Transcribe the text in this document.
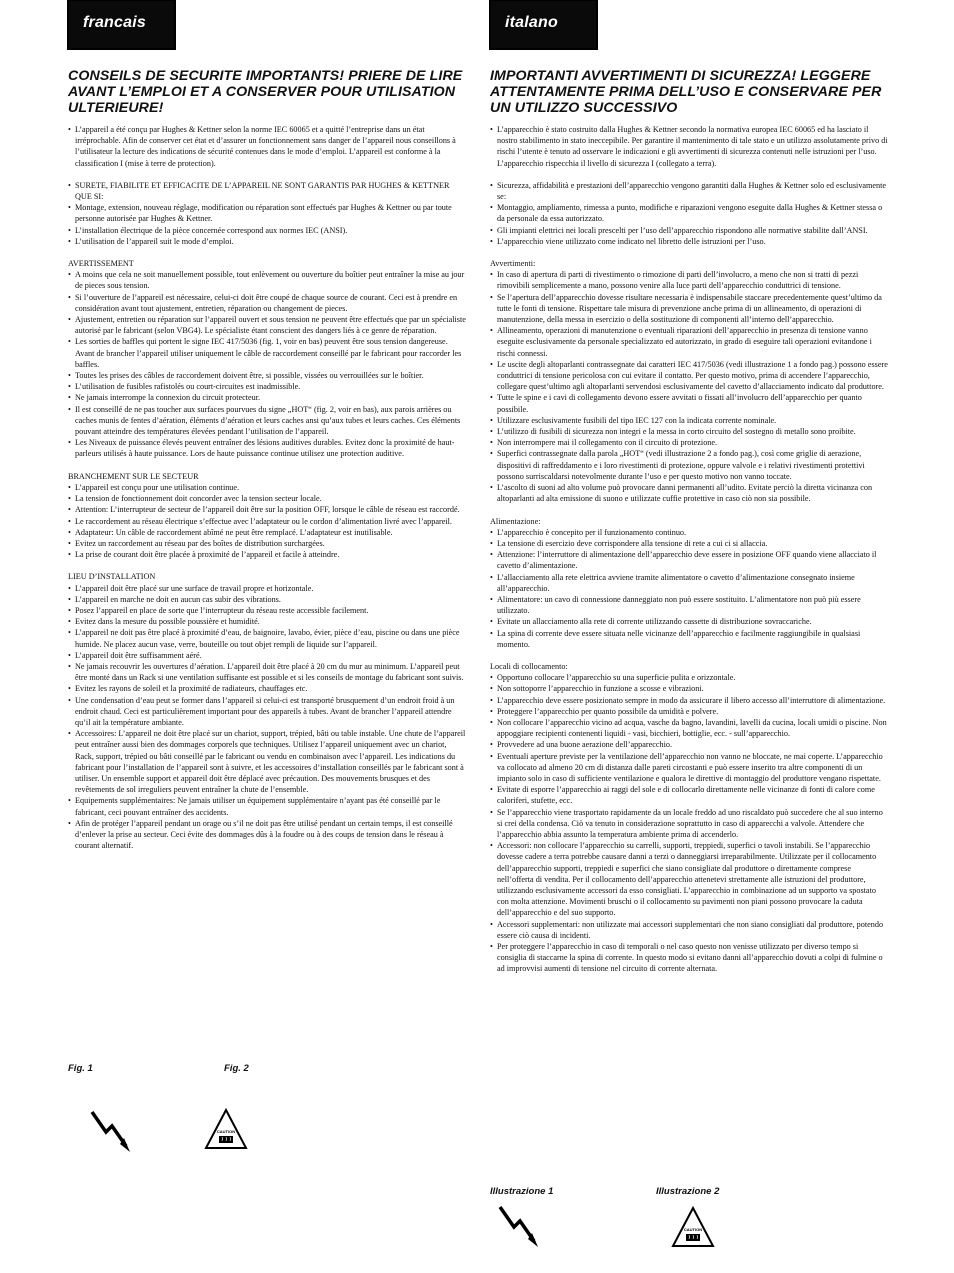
francais	italano
CONSEILS DE SECURITE IMPORTANTS! PRIERE DE LIRE AVANT L’EMPLOI ET A CONSERVER POUR UTILISATION ULTERIEURE!
IMPORTANTI AVVERTIMENTI DI SICUREZZA! LEGGERE ATTENTAMENTE PRIMA DELL’USO E CONSERVARE PER UN UTILIZZO SUCCESSIVO
• L’appareil a été conçu par Hughes & Kettner selon la norme IEC 60065 et a quitté l’entreprise dans un état irréprochable. Afin de conserver cet état et d’assurer un fonctionnement sans danger de l’appareil nous conseillons à l’utilisateur la lecture des indications de sécurité contenues dans le mode d’emploi. L’appareil est conforme à la classification I (mise à terre de protection).
• SURETE, FIABILITE ET EFFICACITE DE L’APPAREIL NE SONT GARANTIS PAR HUGHES & KETTNER QUE SI:
• Montage, extension, nouveau réglage, modification ou réparation sont effectués par Hughes & Kettner ou par toute personne autorisée par Hughes & Kettner.
• L’installation électrique de la pièce concernée correspond aux normes IEC (ANSI).
• L’utilisation de l’appareil suit le mode d’emploi.
AVERTISSEMENT
• A moins que cela ne soit manuellement possible, tout enlèvement ou ouverture du boîtier peut entraîner la mise au jour de pieces sous tension.
• Si l’ouverture de l’appareil est nécessaire, celui-ci doit être coupé de chaque source de courant. Ceci est à prendre en considération avant tout ajustement, entretien, réparation ou changement de pieces.
• Ajustement, entretien ou réparation sur l’appareil ouvert et sous tension ne peuvent être effectués que par un spécialiste autorisé par le fabricant (selon VBG4). Le spécialiste étant conscient des dangers liés à ce genre de réparation.
• Les sorties de baffles qui portent le signe IEC 417/5036 (fig. 1, voir en bas) peuvent être sous tension dangereuse. Avant de brancher l’appareil utiliser uniquement le câble de raccordement conseillé par le fabricant pour raccorder les baffles.
• Toutes les prises des câbles de raccordement doivent être, si possible, vissées ou verrouillées sur le boîtier.
• L’utilisation de fusibles rafistolés ou court-circuites est inadmissible.
• Ne jamais interrompe la connexion du circuit protecteur.
• Il est conseillé de ne pas toucher aux surfaces pourvues du signe „HOT“ (fig. 2, voir en bas), aux parois arrières ou caches munis de fentes d’aération, éléments d’aération et leurs caches ansi qu’aux tubes et leurs caches. Ces éléments pouvant atteindre des températures élevées pendant l’utilisation de l’appareil.
• Les Niveaux de puissance élevés peuvent entraîner des lésions auditives durables. Evitez donc la proximité de haut-parleurs utilisés à haute puissance. Lors de haute puissance continue utilisez une protection auditive.
BRANCHEMENT SUR LE SECTEUR
• L’appareil est conçu pour une utilisation continue.
• La tension de fonctionnement doit concorder avec la tension secteur locale.
• Attention: L’interrupteur de secteur de l’appareil doit être sur la position OFF, lorsque le câble de réseau est raccordé.
• Le raccordement au réseau électrique s’effectue avec l’adaptateur ou le cordon d’alimentation livré avec l’appareil.
• Adaptateur: Un câble de raccordement abîmé ne peut être remplacé. L’adaptateur est inutilisable.
• Evitez un raccordement au réseau par des boîtes de distribution surchargées.
• La prise de courant doit être placée à proximité de l’appareil et facile à atteindre.
LIEU D’INSTALLATION
• L’appareil doit être placé sur une surface de travail propre et horizontale.
• L’appareil en marche ne doit en aucun cas subir des vibrations.
• Posez l’appareil en place de sorte que l’interrupteur du réseau reste accessible facilement.
• Evitez dans la mesure du possible poussière et humidité.
• L’appareil ne doit pas être placé à proximité d’eau, de baignoire, lavabo, évier, pièce d’eau, piscine ou dans une pièce humide. Ne placez aucun vase, verre, bouteille ou tout objet rempli de liquide sur l’appareil.
• L’appareil doit être suffisamment aéré.
• Ne jamais recouvrir les ouvertures d’aération. L’appareil doit être placé à 20 cm du mur au minimum. L’appareil peut être monté dans un Rack si une ventilation suffisante est possible et si les conseils de montage du fabricant sont suivis.
• Evitez les rayons de soleil et la proximité de radiateurs, chauffages etc.
• Une condensation d’eau peut se former dans l’appareil si celui-ci est transporté brusquement d’un endroit froid à un endroit chaud. Ceci est particulièrement important pour des appareils à tubes. Avant de brancher l’appareil attendre qu’il ait la température ambiante.
• Accessoires: L’appareil ne doit être placé sur un chariot, support, trépied, bâti ou table instable. Une chute de l’appareil peut entraîner aussi bien des dommages corporels que techniques. Utilisez l’appareil uniquement avec un chariot, Rack, support, trépied ou bâti conseillé par le fabricant ou vendu en combinaison avec l’appareil. Les indications du fabricant pour l’installation de l’appareil sont à suivre, et les accessoires d’installation conseillés par le fabricant sont à utiliser. Un ensemble support et appareil doit être déplacé avec précaution. Des mouvements brusques et des revêtements de sol irreguliers peuvent entraîner la chute de l’ensemble.
• Equipements supplémentaires: Ne jamais utiliser un équipement supplémentaire n’ayant pas été conseillé par le fabricant, ceci pouvant entraîner des accidents.
• Afin de protéger l’appareil pendant un orage ou s’il ne doit pas être utilisé pendant un certain temps, il est conseillé d’enlever la prise au secteur. Ceci évite des dommages dûs à la foudre ou à des coups de tension dans le réseau à courant alternatif.
• L’apparecchio è stato costruito dalla Hughes & Kettner secondo la normativa europea IEC 60065 ed ha lasciato il nostro stabilimento in stato ineccepibile. Per garantire il mantenimento di tale stato e un utilizzo assolutamente privo di rischi l’utente è tenuto ad osservare le indicazioni e gli avvertimenti di sicurezza contenuti nelle istruzioni per l’uso. L’apparecchio rispecchia il livello di sicurezza I (collegato a terra).
• Sicurezza, affidabilità e prestazioni dell’apparecchio vengono garantiti dalla Hughes & Kettner solo ed esclusivamente se:
• Montaggio, ampliamento, rimessa a punto, modifiche e riparazioni vengono eseguite dalla Hughes & Kettner stessa o da personale da essa autorizzato.
• Gli impianti elettrici nei locali prescelti per l’uso dell’apparecchio rispondono alle normative stabilite dall’ANSI.
• L’apparecchio viene utilizzato come indicato nel libretto delle istruzioni per l’uso.
Avvertimenti:
• In caso di apertura di parti di rivestimento o rimozione di parti dell’involucro, a meno che non si tratti di pezzi rimovibili semplicemente a mano, possono venire alla luce parti dell’apparecchio conduttrici di tensione.
• Se l’apertura dell’apparecchio dovesse risultare necessaria è indispensabile staccare precedentemente quest’ultimo da tutte le fonti di tensione. Rispettare tale misura di prevenzione anche prima di un allineamento, di operazioni di manutenzione, della messa in esercizio o della sostituzione di componenti all’interno dell’apparecchio.
• Allineamento, operazioni di manutenzione o eventuali riparazioni dell’apparecchio in presenza di tensione vanno eseguite esclusivamente da personale specializzato ed autorizzato, in grado di eseguire tali operazioni evitandone i rischi connessi.
• Le uscite degli altoparlanti contrassegnate dai caratteri IEC 417/5036 (vedi illustrazione 1 a fondo pag.) possono essere conduttrici di tensione pericolosa con cui evitare il contatto. Per questo motivo, prima di accendere l’apparecchio, collegare quest’ultimo agli altoparlanti servendosi esclusivamente del cavetto d’allacciamento indicato dal produttore.
• Tutte le spine e i cavi di collegamento devono essere avvitati o fissati all’involucro dell’apparecchio per quanto possibile.
• Utilizzare esclusivamente fusibili del tipo IEC 127 con la indicata corrente nominale.
• L’utilizzo di fusibili di sicurezza non integri e la messa in corto circuito del sostegno di metallo sono proibite.
• Non interrompere mai il collegamento con il circuito di protezione.
• Superfici contrassegnate dalla parola „HOT“ (vedi illustrazione 2 a fondo pag.), così come griglie di aerazione, dispositivi di raffreddamento e i loro rivestimenti di protezione, oppure valvole e i relativi rivestimenti protettivi possono surriscaldarsi notevolmente durante l’uso e per questo motivo non vanno toccate.
• L’ascolto di suoni ad alto volume può provocare danni permanenti all’udito. Evitate perciò la diretta vicinanza con altoparlanti ad alta emissione di suono e utilizzate cuffie protettive in caso ciò non sia possibile.
Alimentazione:
• L’apparecchio è concepito per il funzionamento continuo.
• La tensione di esercizio deve corrispondere alla tensione di rete a cui ci si allaccia.
• Attenzione: l’interruttore di alimentazione dell’apparecchio deve essere in posizione OFF quando viene allacciato il cavetto d’alimentazione.
• L’allacciamento alla rete elettrica avviene tramite alimentatore o cavetto d’alimentazione consegnato insieme all’apparecchio.
• Alimentatore: un cavo di connessione danneggiato non può essere sostituito. L’alimentatore non può più essere utilizzato.
• Evitate un allacciamento alla rete di corrente utilizzando cassette di distribuzione sovraccariche.
• La spina di corrente deve essere situata nelle vicinanze dell’apparecchio e facilmente raggiungibile in qualsiasi momento.
Locali di collocamento:
• Opportuno collocare l’apparecchio su una superficie pulita e orizzontale.
• Non sottoporre l’apparecchio in funzione a scosse e vibrazioni.
• L’apparecchio deve essere posizionato sempre in modo da assicurare il libero accesso all’interruttore di alimentazione.
• Proteggere l’apparecchio per quanto possibile da umidità e polvere.
• Non collocare l’apparecchio vicino ad acqua, vasche da bagno, lavandini, lavelli da cucina, locali umidi o piscine. Non appoggiare recipienti contenenti liquidi - vasi, bicchieri, bottiglie, ecc. - sull’apparecchio.
• Provvedere ad una buone aerazione dell’apparecchio.
• Eventuali aperture previste per la ventilazione dell’apparecchio non vanno ne bloccate, ne mai coperte. L’apparecchio va collocato ad almeno 20 cm di distanza dalle pareti circostanti e può essere inserito tra altre componenti di un impianto solo in caso di sufficiente ventilazione e qualora le direttive di montaggio del produttore vengano rispettate.
• Evitate di esporre l’apparecchio ai raggi del sole e di collocarlo direttamente nelle vicinanze di fonti di calore come caloriferi, stufette, ecc.
• Se l’apparecchio viene trasportato rapidamente da un locale freddo ad uno riscaldato può succedere che al suo interno si crei della condensa. Ciò va tenuto in considerazione soprattutto in caso di apparecchi a valvole. Attendere che l’apparecchio abbia assunto la temperatura ambiente prima di accenderlo.
• Accessori: non collocare l’apparecchio su carrelli, supporti, treppiedi, superfici o tavoli instabili. Se l’apparecchio dovesse cadere a terra potrebbe causare danni a terzi o danneggiarsi irreparabilmente. Utilizzate per il collocamento dell’apparecchio supporti, treppiedi e superfici che siano consigliate dal produttore o direttamente comprese nell’offerta di vendita. Per il collocamento dell’apparecchio attenetevi strettamente alle istruzioni del produttore, utilizzando esclusivamente accessori da esso consigliati. L’apparecchio in combinazione ad un supporto va spostato con molta attenzione. Movimenti bruschi o il collocamento su pavimenti non piani possono provocare la caduta dell’apparecchio e del suo supporto.
• Accessori supplementari: non utilizzate mai accessori supplementari che non siano consigliati dal produttore, potendo essere ciò causa di incidenti.
• Per proteggere l’apparecchio in caso di temporali o nel caso questo non venisse utilizzato per diverso tempo si consiglia di staccarne la spina di corrente. In questo modo si evitano danni all’apparecchio dovuti a colpi di fulmine o ad improvvisi aumenti di tensione nel circuito di corrente alternata.
Fig. 1	Fig. 2
CAUTION
Illustrazione 1	Illustrazione 2
CAUTION
